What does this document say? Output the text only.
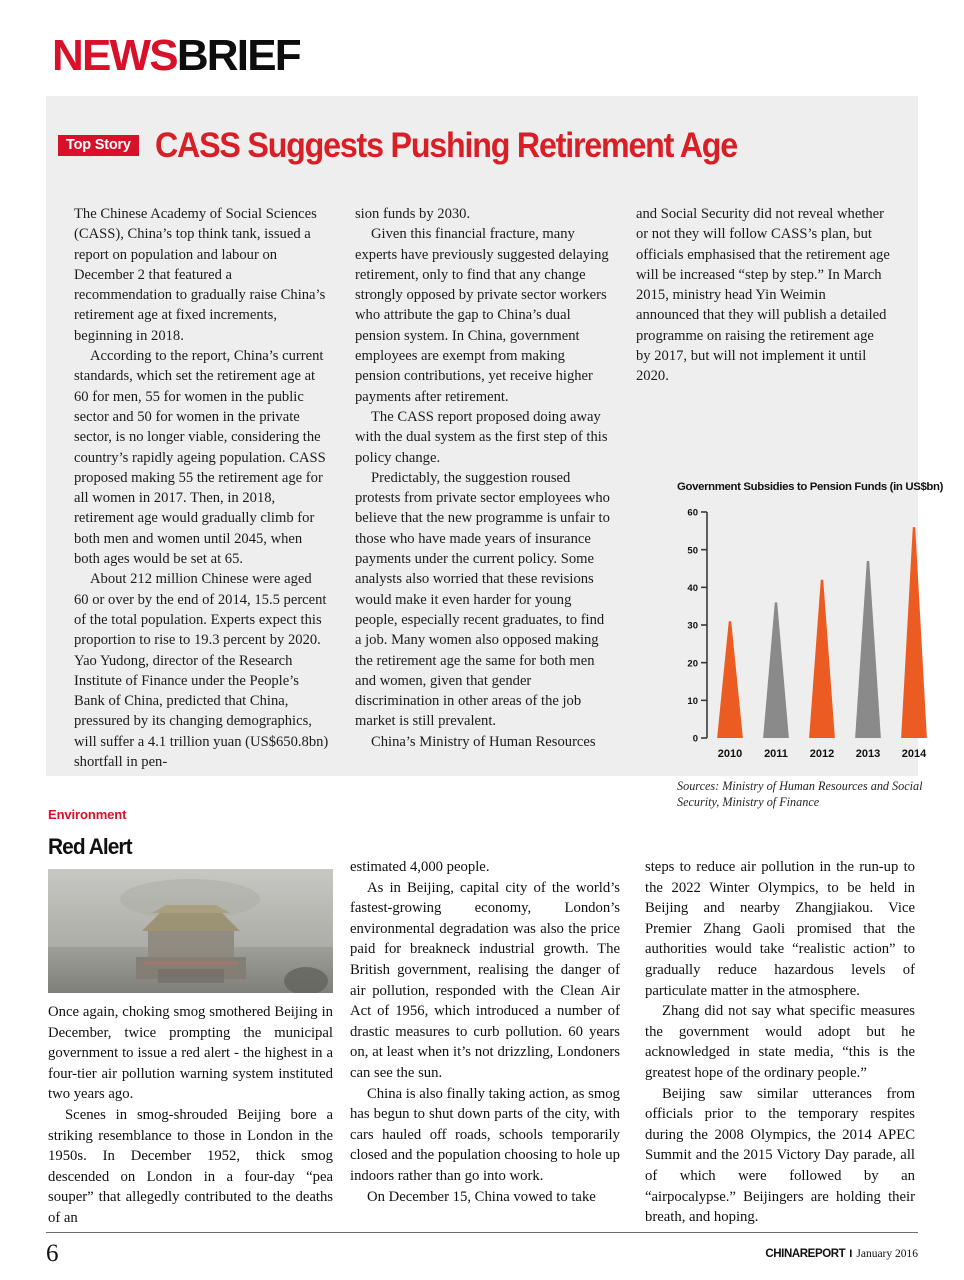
NEWSBRIEF
Top Story CASS Suggests Pushing Retirement Age

The Chinese Academy of Social Sciences (CASS), China’s top think tank, issued a report on population and labour on December 2 that featured a recommendation to gradually raise China’s retirement age at fixed increments, beginning in 2018.

According to the report, China’s current standards, which set the retirement age at 60 for men, 55 for women in the public sector and 50 for women in the private sector, is no longer viable, considering the country’s rapidly ageing population. CASS proposed making 55 the retirement age for all women in 2017. Then, in 2018, retirement age would gradually climb for both men and women until 2045, when both ages would be set at 65.

About 212 million Chinese were aged 60 or over by the end of 2014, 15.5 percent of the total population. Experts expect this proportion to rise to 19.3 percent by 2020. Yao Yudong, director of the Research Institute of Finance under the People’s Bank of China, predicted that China, pressured by its changing demographics, will suffer a 4.1 trillion yuan (US$650.8bn) shortfall in pen-

sion funds by 2030.

Given this financial fracture, many experts have previously suggested delaying retirement, only to find that any change strongly opposed by private sector workers who attribute the gap to China’s dual pension system. In China, government employees are exempt from making pension contributions, yet receive higher payments after retirement.

The CASS report proposed doing away with the dual system as the first step of this policy change.

Predictably, the suggestion roused protests from private sector employees who believe that the new programme is unfair to those who have made years of insurance payments under the current policy. Some analysts also worried that these revisions would make it even harder for young people, especially recent graduates, to find a job. Many women also opposed making the retirement age the same for both men and women, given that gender discrimination in other areas of the job market is still prevalent.

China’s Ministry of Human Resources

and Social Security did not reveal whether or not they will follow CASS’s plan, but officials emphasised that the retirement age will be increased “step by step.” In March 2015, ministry head Yin Weimin announced that they will publish a detailed programme on raising the retirement age by 2017, but will not implement it until 2020.

Government Subsidies to Pension Funds (in US$bn)
0
10
20
30
40
50
60
2010 2011 2012 2013 2014
Sources: Ministry of Human Resources and Social Security, Ministry of Finance
Environment
Red Alert

Once again, choking smog smothered Beijing in December, twice prompting the municipal government to issue a red alert - the highest in a four-tier air pollution warning system instituted two years ago.

Scenes in smog-shrouded Beijing bore a striking resemblance to those in London in the 1950s. In December 1952, thick smog descended on London in a four-day “pea souper” that allegedly contributed to the deaths of an

estimated 4,000 people.

As in Beijing, capital city of the world’s fastest-growing economy, London’s environmental degradation was also the price paid for breakneck industrial growth. The British government, realising the danger of air pollution, responded with the Clean Air Act of 1956, which introduced a number of drastic measures to curb pollution. 60 years on, at least when it’s not drizzling, Londoners can see the sun.

China is also finally taking action, as smog has begun to shut down parts of the city, with cars hauled off roads, schools temporarily closed and the population choosing to hole up indoors rather than go into work.

On December 15, China vowed to take

steps to reduce air pollution in the run-up to the 2022 Winter Olympics, to be held in Beijing and nearby Zhangjiakou. Vice Premier Zhang Gaoli promised that the authorities would take “realistic action” to gradually reduce hazardous levels of particulate matter in the atmosphere.

Zhang did not say what specific measures the government would adopt but he acknowledged in state media, “this is the greatest hope of the ordinary people.”

Beijing saw similar utterances from officials prior to the temporary respites during the 2008 Olympics, the 2014 APEC Summit and the 2015 Victory Day parade, all of which were followed by an “airpocalypse.” Beijingers are holding their breath, and hoping.

6	CHINAREPORT I January 2016
